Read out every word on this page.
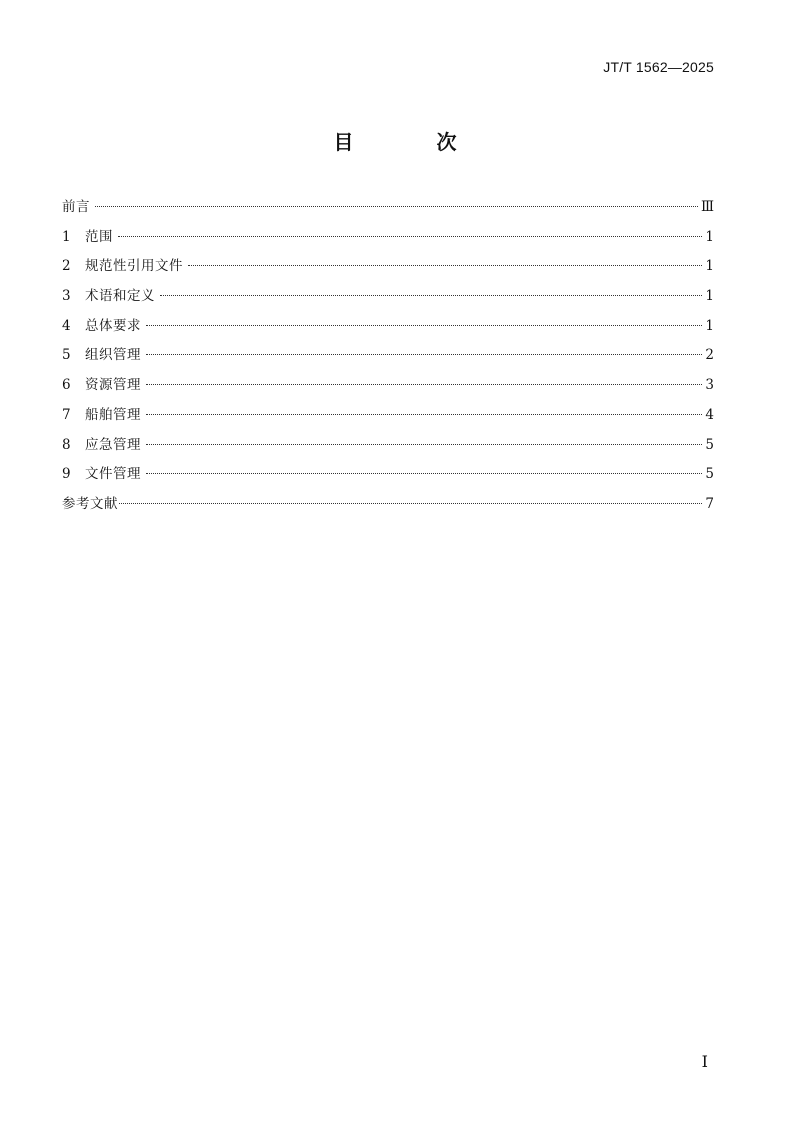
JT/T 1562—2025
目 次
前言	Ⅲ
1	范围	1
2	规范性引用文件	1
3	术语和定义	1
4	总体要求	1
5	组织管理	2
6	资源管理	3
7	船舶管理	4
8	应急管理	5
9	文件管理	5
参考文献	7
Ⅰ
